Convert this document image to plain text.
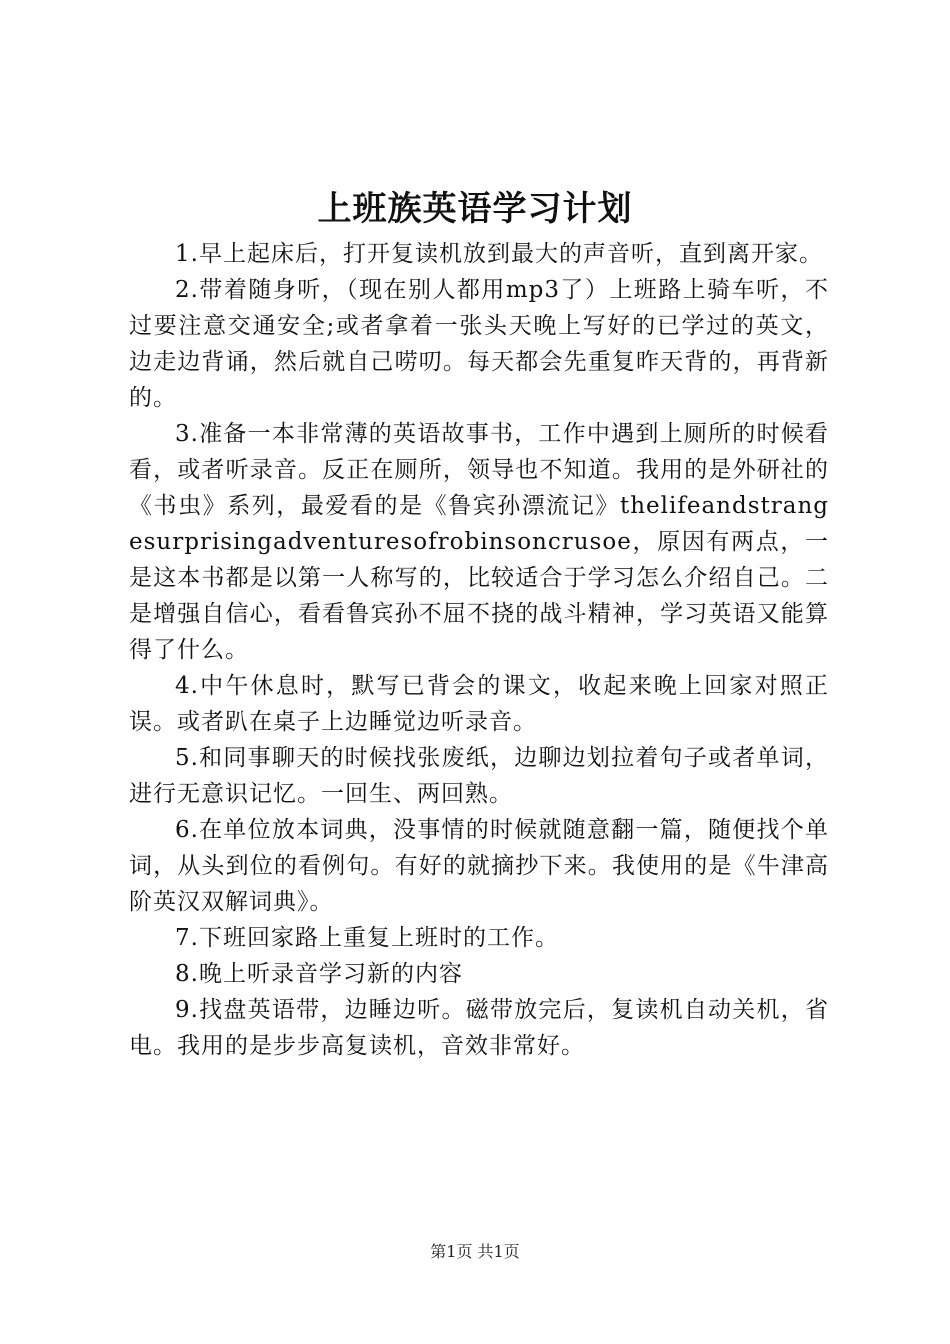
上班族英语学习计划

1.早上起床后，打开复读机放到最大的声音听，直到离开家。

2.带着随身听，（现在别人都用mp3了）上班路上骑车听，不过要注意交通安全;或者拿着一张头天晚上写好的已学过的英文，边走边背诵，然后就自己唠叨。每天都会先重复昨天背的，再背新的。

3.准备一本非常薄的英语故事书，工作中遇到上厕所的时候看看，或者听录音。反正在厕所，领导也不知道。我用的是外研社的《书虫》系列，最爱看的是《鲁宾孙漂流记》thelifeandstrangesurprisingadventuresofrobinsoncrusoe，原因有两点，一是这本书都是以第一人称写的，比较适合于学习怎么介绍自己。二是增强自信心，看看鲁宾孙不屈不挠的战斗精神，学习英语又能算得了什么。

4.中午休息时，默写已背会的课文，收起来晚上回家对照正误。或者趴在桌子上边睡觉边听录音。

5.和同事聊天的时候找张废纸，边聊边划拉着句子或者单词，进行无意识记忆。一回生、两回熟。

6.在单位放本词典，没事情的时候就随意翻一篇，随便找个单词，从头到位的看例句。有好的就摘抄下来。我使用的是《牛津高阶英汉双解词典》。

7.下班回家路上重复上班时的工作。

8.晚上听录音学习新的内容

9.找盘英语带，边睡边听。磁带放完后，复读机自动关机，省电。我用的是步步高复读机，音效非常好。

第1页 共1页
